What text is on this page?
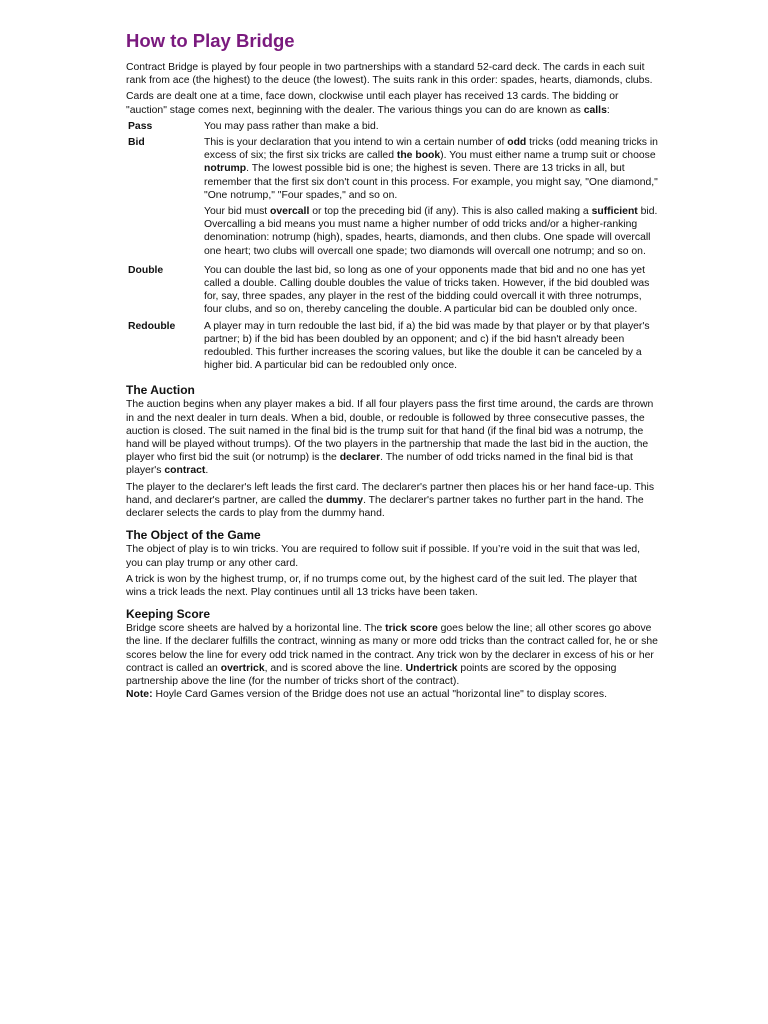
How to Play Bridge

Contract Bridge is played by four people in two partnerships with a standard 52-card deck. The cards in each suit rank from ace (the highest) to the deuce (the lowest). The suits rank in this order: spades, hearts, diamonds, clubs.

Cards are dealt one at a time, face down, clockwise until each player has received 13 cards. The bidding or "auction" stage comes next, beginning with the dealer. The various things you can do are known as calls:

Pass	You may pass rather than make a bid.
Bid	This is your declaration that you intend to win a certain number of odd tricks (odd meaning tricks in excess of six; the first six tricks are called the book). You must either name a trump suit or choose notrump. The lowest possible bid is one; the highest is seven. There are 13 tricks in all, but remember that the first six don't count in this process. For example, you might say, "One diamond," "One notrump," "Four spades," and so on.

Your bid must overcall or top the preceding bid (if any). This is also called making a sufficient bid. Overcalling a bid means you must name a higher number of odd tricks and/or a higher-ranking denomination: notrump (high), spades, hearts, diamonds, and then clubs. One spade will overcall one heart; two clubs will overcall one spade; two diamonds will overcall one notrump; and so on.

Double	You can double the last bid, so long as one of your opponents made that bid and no one has yet called a double. Calling double doubles the value of tricks taken. However, if the bid doubled was for, say, three spades, any player in the rest of the bidding could overcall it with three notrumps, four clubs, and so on, thereby canceling the double. A particular bid can be doubled only once.
Redouble	A player may in turn redouble the last bid, if a) the bid was made by that player or by that player's partner; b) if the bid has been doubled by an opponent; and c) if the bid hasn't already been redoubled. This further increases the scoring values, but like the double it can be canceled by a higher bid. A particular bid can be redoubled only once.
The Auction

The auction begins when any player makes a bid. If all four players pass the first time around, the cards are thrown in and the next dealer in turn deals. When a bid, double, or redouble is followed by three consecutive passes, the auction is closed. The suit named in the final bid is the trump suit for that hand (if the final bid was a notrump, the hand will be played without trumps). Of the two players in the partnership that made the last bid in the auction, the player who first bid the suit (or notrump) is the declarer. The number of odd tricks named in the final bid is that player's contract.

The player to the declarer's left leads the first card. The declarer's partner then places his or her hand face-up. This hand, and declarer's partner, are called the dummy. The declarer's partner takes no further part in the hand. The declarer selects the cards to play from the dummy hand.

The Object of the Game

The object of play is to win tricks. You are required to follow suit if possible. If you’re void in the suit that was led, you can play trump or any other card.

A trick is won by the highest trump, or, if no trumps come out, by the highest card of the suit led. The player that wins a trick leads the next. Play continues until all 13 tricks have been taken.

Keeping Score

Bridge score sheets are halved by a horizontal line. The trick score goes below the line; all other scores go above the line. If the declarer fulfills the contract, winning as many or more odd tricks than the contract called for, he or she scores below the line for every odd trick named in the contract. Any trick won by the declarer in excess of his or her contract is called an overtrick, and is scored above the line. Undertrick points are scored by the opposing partnership above the line (for the number of tricks short of the contract).

Note: Hoyle Card Games version of the Bridge does not use an actual "horizontal line" to display scores.
